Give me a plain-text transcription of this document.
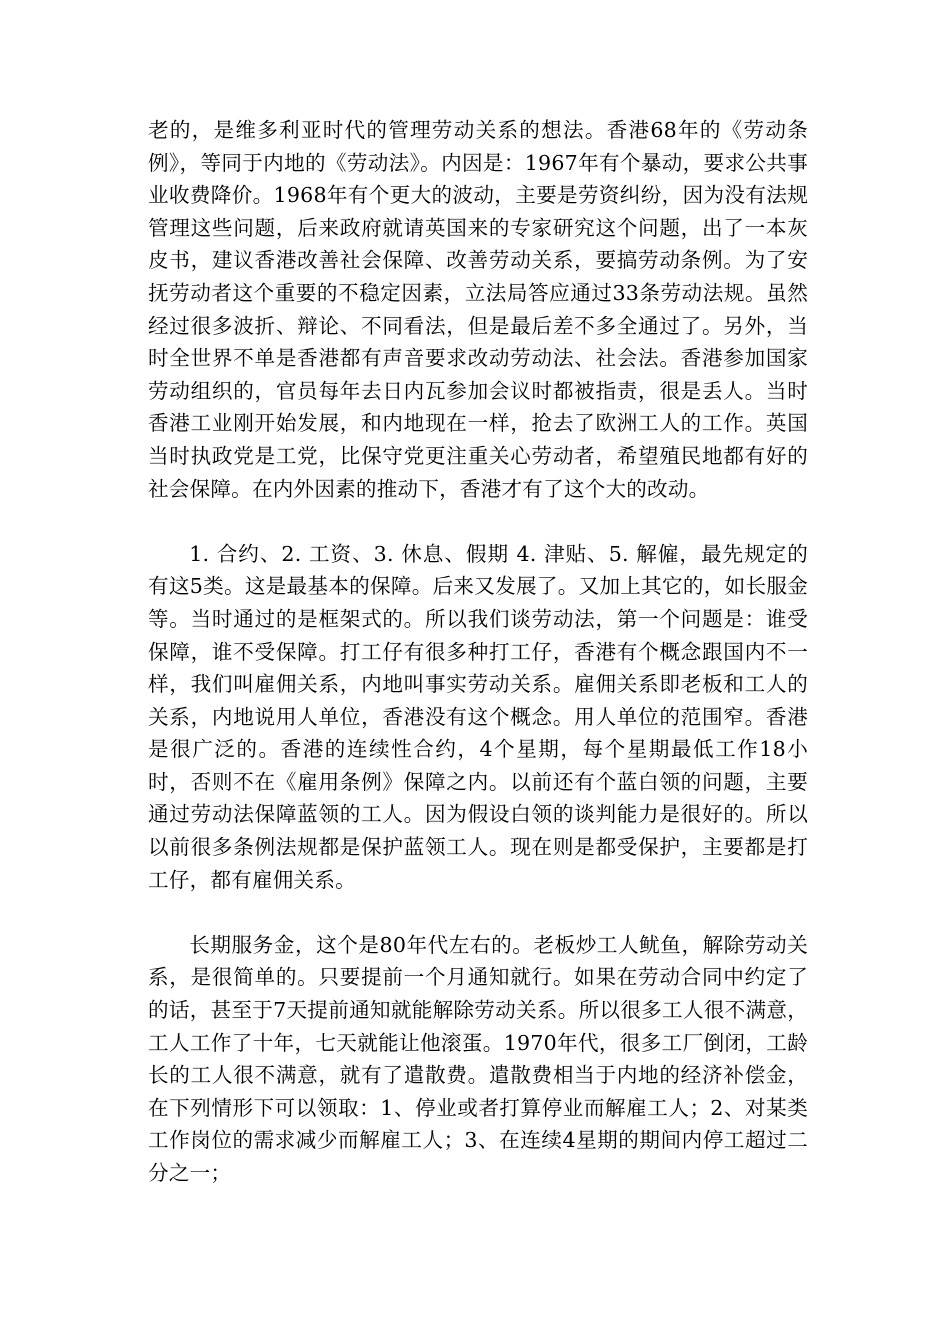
老的，是维多利亚时代的管理劳动关系的想法。香港68年的《劳动条例》，等同于内地的《劳动法》。内因是：1967年有个暴动，要求公共事业收费降价。1968年有个更大的波动，主要是劳资纠纷，因为没有法规管理这些问题，后来政府就请英国来的专家研究这个问题，出了一本灰皮书，建议香港改善社会保障、改善劳动关系，要搞劳动条例。为了安抚劳动者这个重要的不稳定因素，立法局答应通过33条劳动法规。虽然经过很多波折、辩论、不同看法，但是最后差不多全通过了。另外，当时全世界不单是香港都有声音要求改动劳动法、社会法。香港参加国家劳动组织的，官员每年去日内瓦参加会议时都被指责，很是丢人。当时香港工业刚开始发展，和内地现在一样，抢去了欧洲工人的工作。英国当时执政党是工党，比保守党更注重关心劳动者，希望殖民地都有好的社会保障。在内外因素的推动下，香港才有了这个大的改动。

1. 合约、2. 工资、3. 休息、假期 4. 津贴、5. 解僱，最先规定的有这5类。这是最基本的保障。后来又发展了。又加上其它的，如长服金等。当时通过的是框架式的。所以我们谈劳动法，第一个问题是：谁受保障，谁不受保障。打工仔有很多种打工仔，香港有个概念跟国内不一样，我们叫雇佣关系，内地叫事实劳动关系。雇佣关系即老板和工人的关系，内地说用人单位，香港没有这个概念。用人单位的范围窄。香港是很广泛的。香港的连续性合约，4个星期，每个星期最低工作18小时，否则不在《雇用条例》保障之内。以前还有个蓝白领的问题，主要通过劳动法保障蓝领的工人。因为假设白领的谈判能力是很好的。所以以前很多条例法规都是保护蓝领工人。现在则是都受保护，主要都是打工仔，都有雇佣关系。

长期服务金，这个是80年代左右的。老板炒工人鱿鱼，解除劳动关系，是很简单的。只要提前一个月通知就行。如果在劳动合同中约定了的话，甚至于7天提前通知就能解除劳动关系。所以很多工人很不满意，工人工作了十年，七天就能让他滚蛋。1970年代，很多工厂倒闭，工龄长的工人很不满意，就有了遣散费。遣散费相当于内地的经济补偿金，在下列情形下可以领取：1、停业或者打算停业而解雇工人；2、对某类工作岗位的需求减少而解雇工人；3、在连续4星期的期间内停工超过二分之一；
